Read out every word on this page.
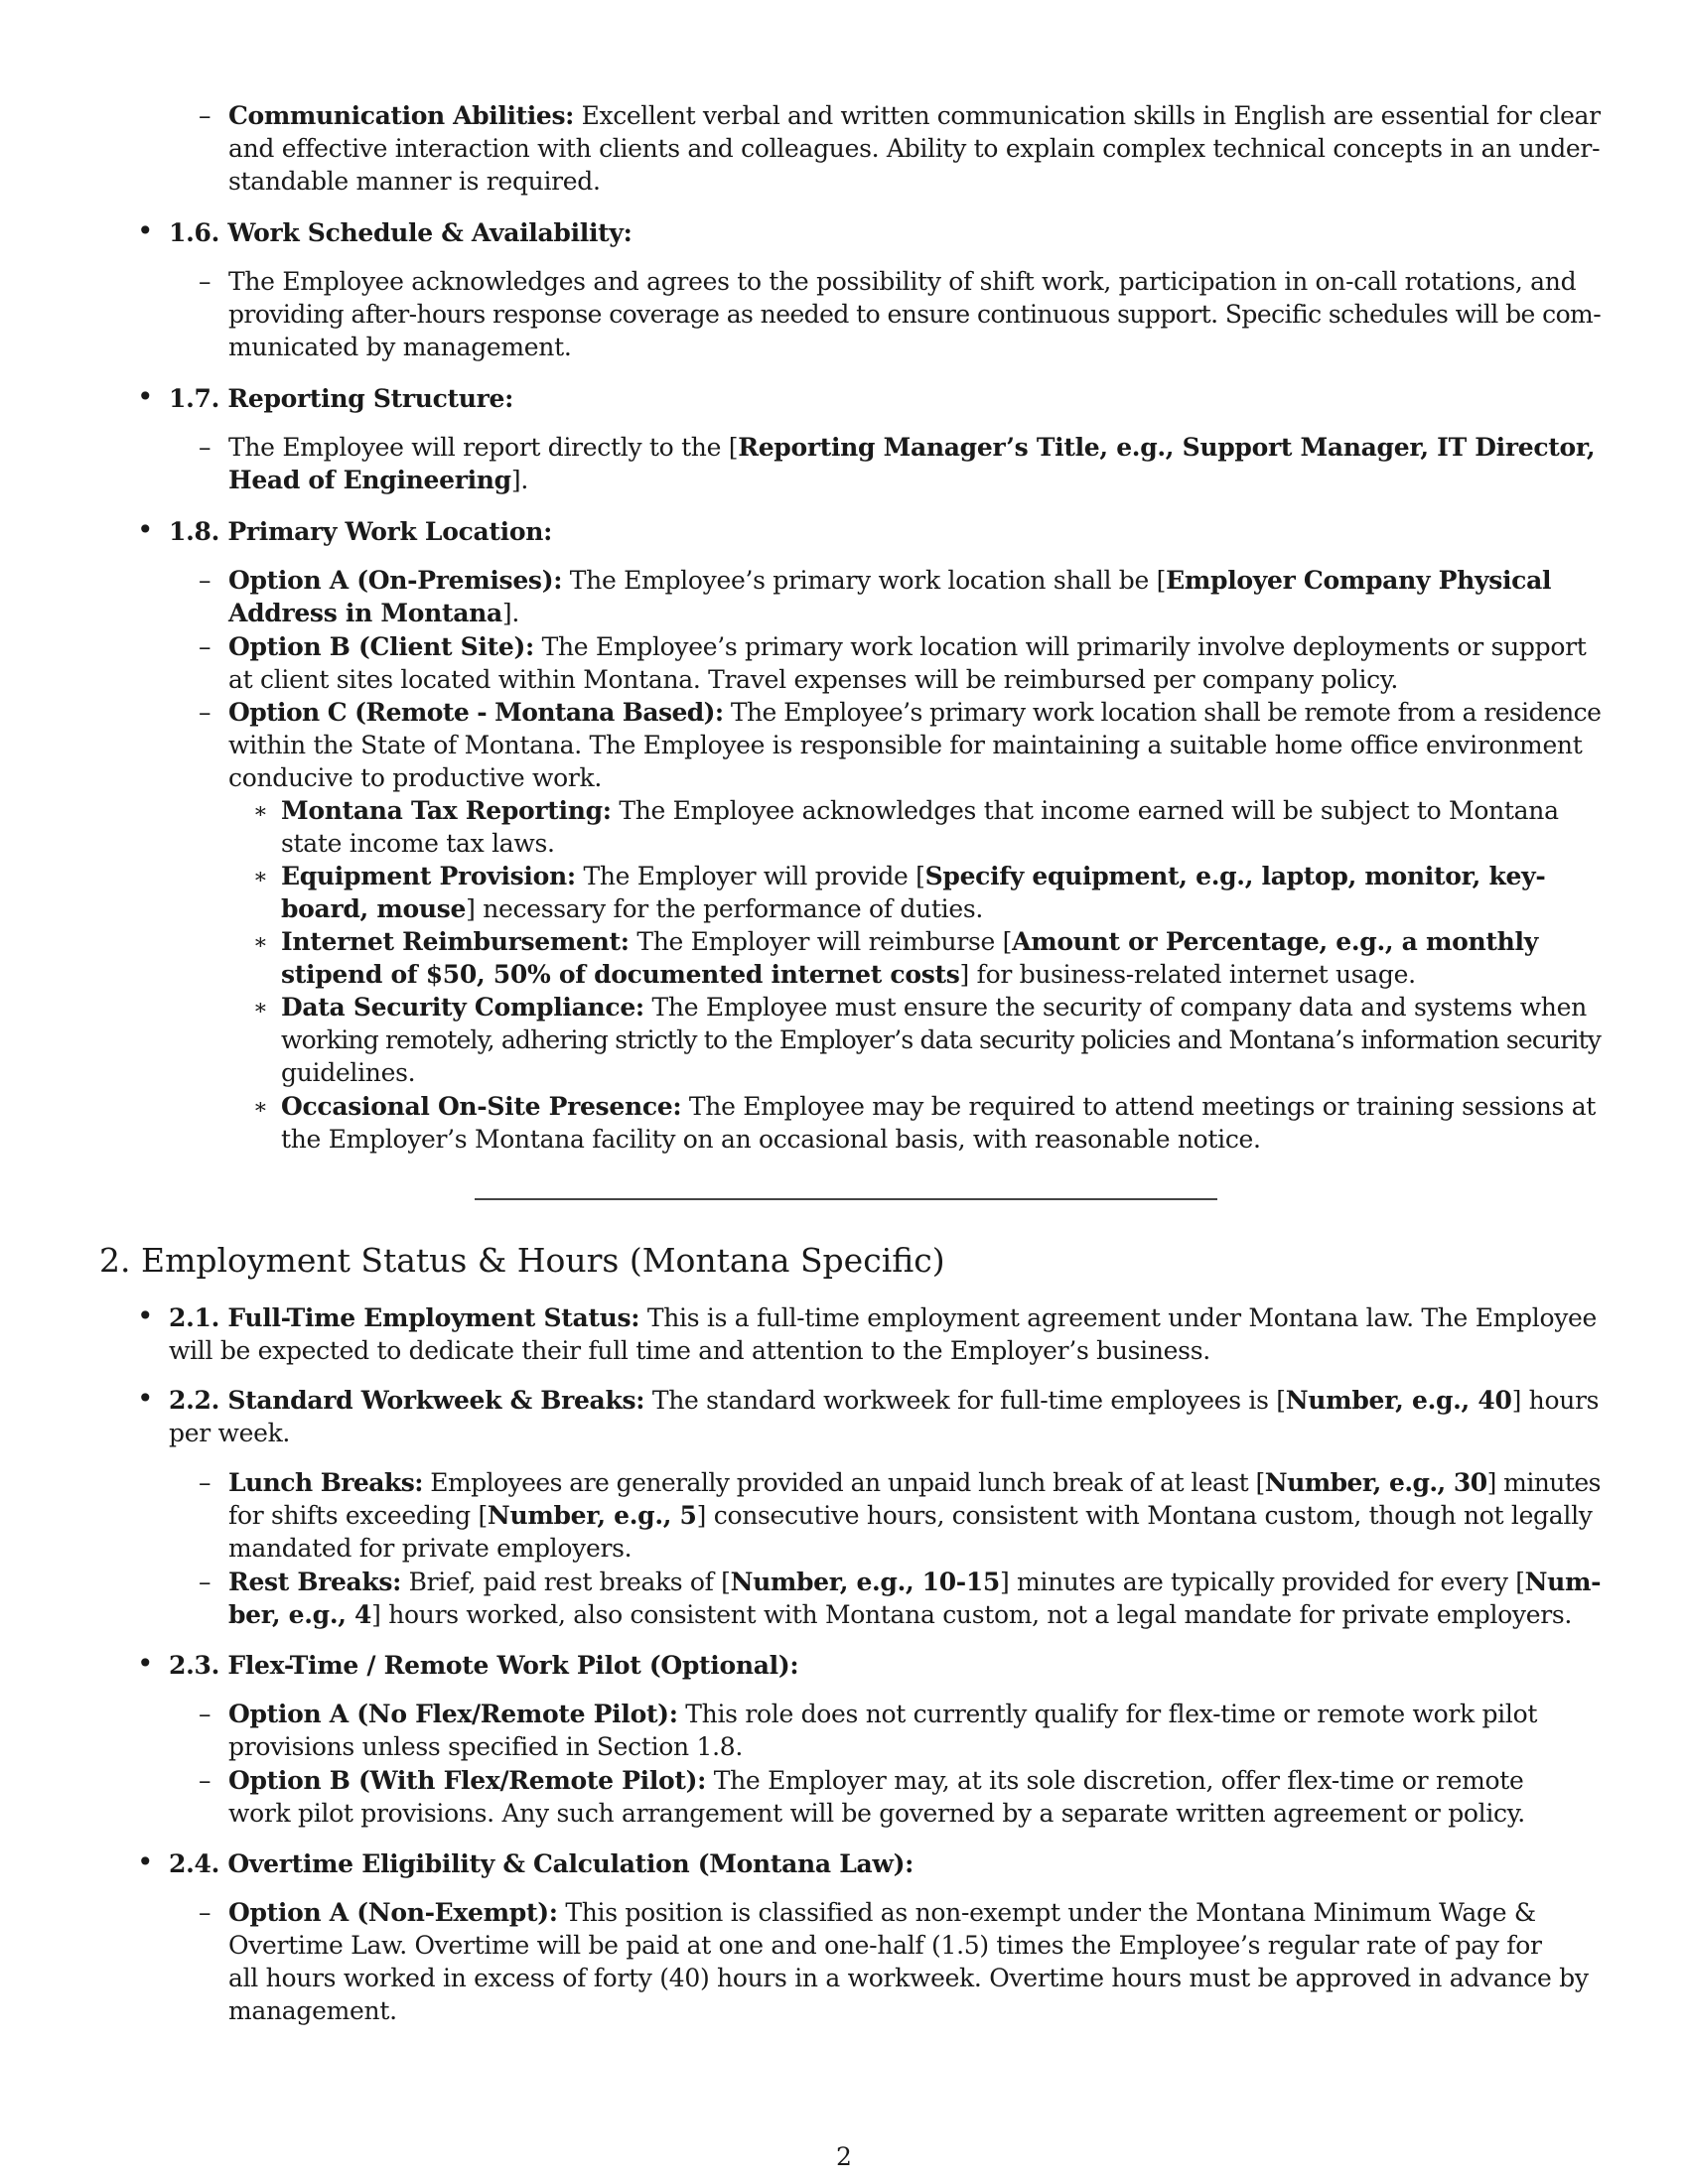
– Communication Abilities: Excellent verbal and written communication skills in English are essential for clear
and effective interaction with clients and colleagues. Ability to explain complex technical concepts in an under-
standable manner is required.
• 1.6. Work Schedule & Availability:
– The Employee acknowledges and agrees to the possibility of shift work, participation in on-call rotations, and
providing after-hours response coverage as needed to ensure continuous support. Specific schedules will be com-
municated by management.
• 1.7. Reporting Structure:
– The Employee will report directly to the [Reporting Manager’s Title, e.g., Support Manager, IT Director,
Head of Engineering].
• 1.8. Primary Work Location:
– Option A (On-Premises): The Employee’s primary work location shall be [Employer Company Physical
Address in Montana].
– Option B (Client Site): The Employee’s primary work location will primarily involve deployments or support
at client sites located within Montana. Travel expenses will be reimbursed per company policy.
– Option C (Remote - Montana Based): The Employee’s primary work location shall be remote from a residence
within the State of Montana. The Employee is responsible for maintaining a suitable home office environment
conducive to productive work.
∗ Montana Tax Reporting: The Employee acknowledges that income earned will be subject to Montana
state income tax laws.
∗ Equipment Provision: The Employer will provide [Specify equipment, e.g., laptop, monitor, key-
board, mouse] necessary for the performance of duties.
∗ Internet Reimbursement: The Employer will reimburse [Amount or Percentage, e.g., a monthly
stipend of $50, 50% of documented internet costs] for business-related internet usage.
∗ Data Security Compliance: The Employee must ensure the security of company data and systems when
working remotely, adhering strictly to the Employer’s data security policies and Montana’s information security
guidelines.
∗ Occasional On-Site Presence: The Employee may be required to attend meetings or training sessions at
the Employer’s Montana facility on an occasional basis, with reasonable notice.
2. Employment Status & Hours (Montana Specific)
• 2.1. Full-Time Employment Status: This is a full-time employment agreement under Montana law. The Employee
will be expected to dedicate their full time and attention to the Employer’s business.
• 2.2. Standard Workweek & Breaks: The standard workweek for full-time employees is [Number, e.g., 40] hours
per week.
– Lunch Breaks: Employees are generally provided an unpaid lunch break of at least [Number, e.g., 30] minutes
for shifts exceeding [Number, e.g., 5] consecutive hours, consistent with Montana custom, though not legally
mandated for private employers.
– Rest Breaks: Brief, paid rest breaks of [Number, e.g., 10-15] minutes are typically provided for every [Num-
ber, e.g., 4] hours worked, also consistent with Montana custom, not a legal mandate for private employers.
• 2.3. Flex-Time / Remote Work Pilot (Optional):
– Option A (No Flex/Remote Pilot): This role does not currently qualify for flex-time or remote work pilot
provisions unless specified in Section 1.8.
– Option B (With Flex/Remote Pilot): The Employer may, at its sole discretion, offer flex-time or remote
work pilot provisions. Any such arrangement will be governed by a separate written agreement or policy.
• 2.4. Overtime Eligibility & Calculation (Montana Law):
– Option A (Non-Exempt): This position is classified as non-exempt under the Montana Minimum Wage &
Overtime Law. Overtime will be paid at one and one-half (1.5) times the Employee’s regular rate of pay for
all hours worked in excess of forty (40) hours in a workweek. Overtime hours must be approved in advance by
management.
2
